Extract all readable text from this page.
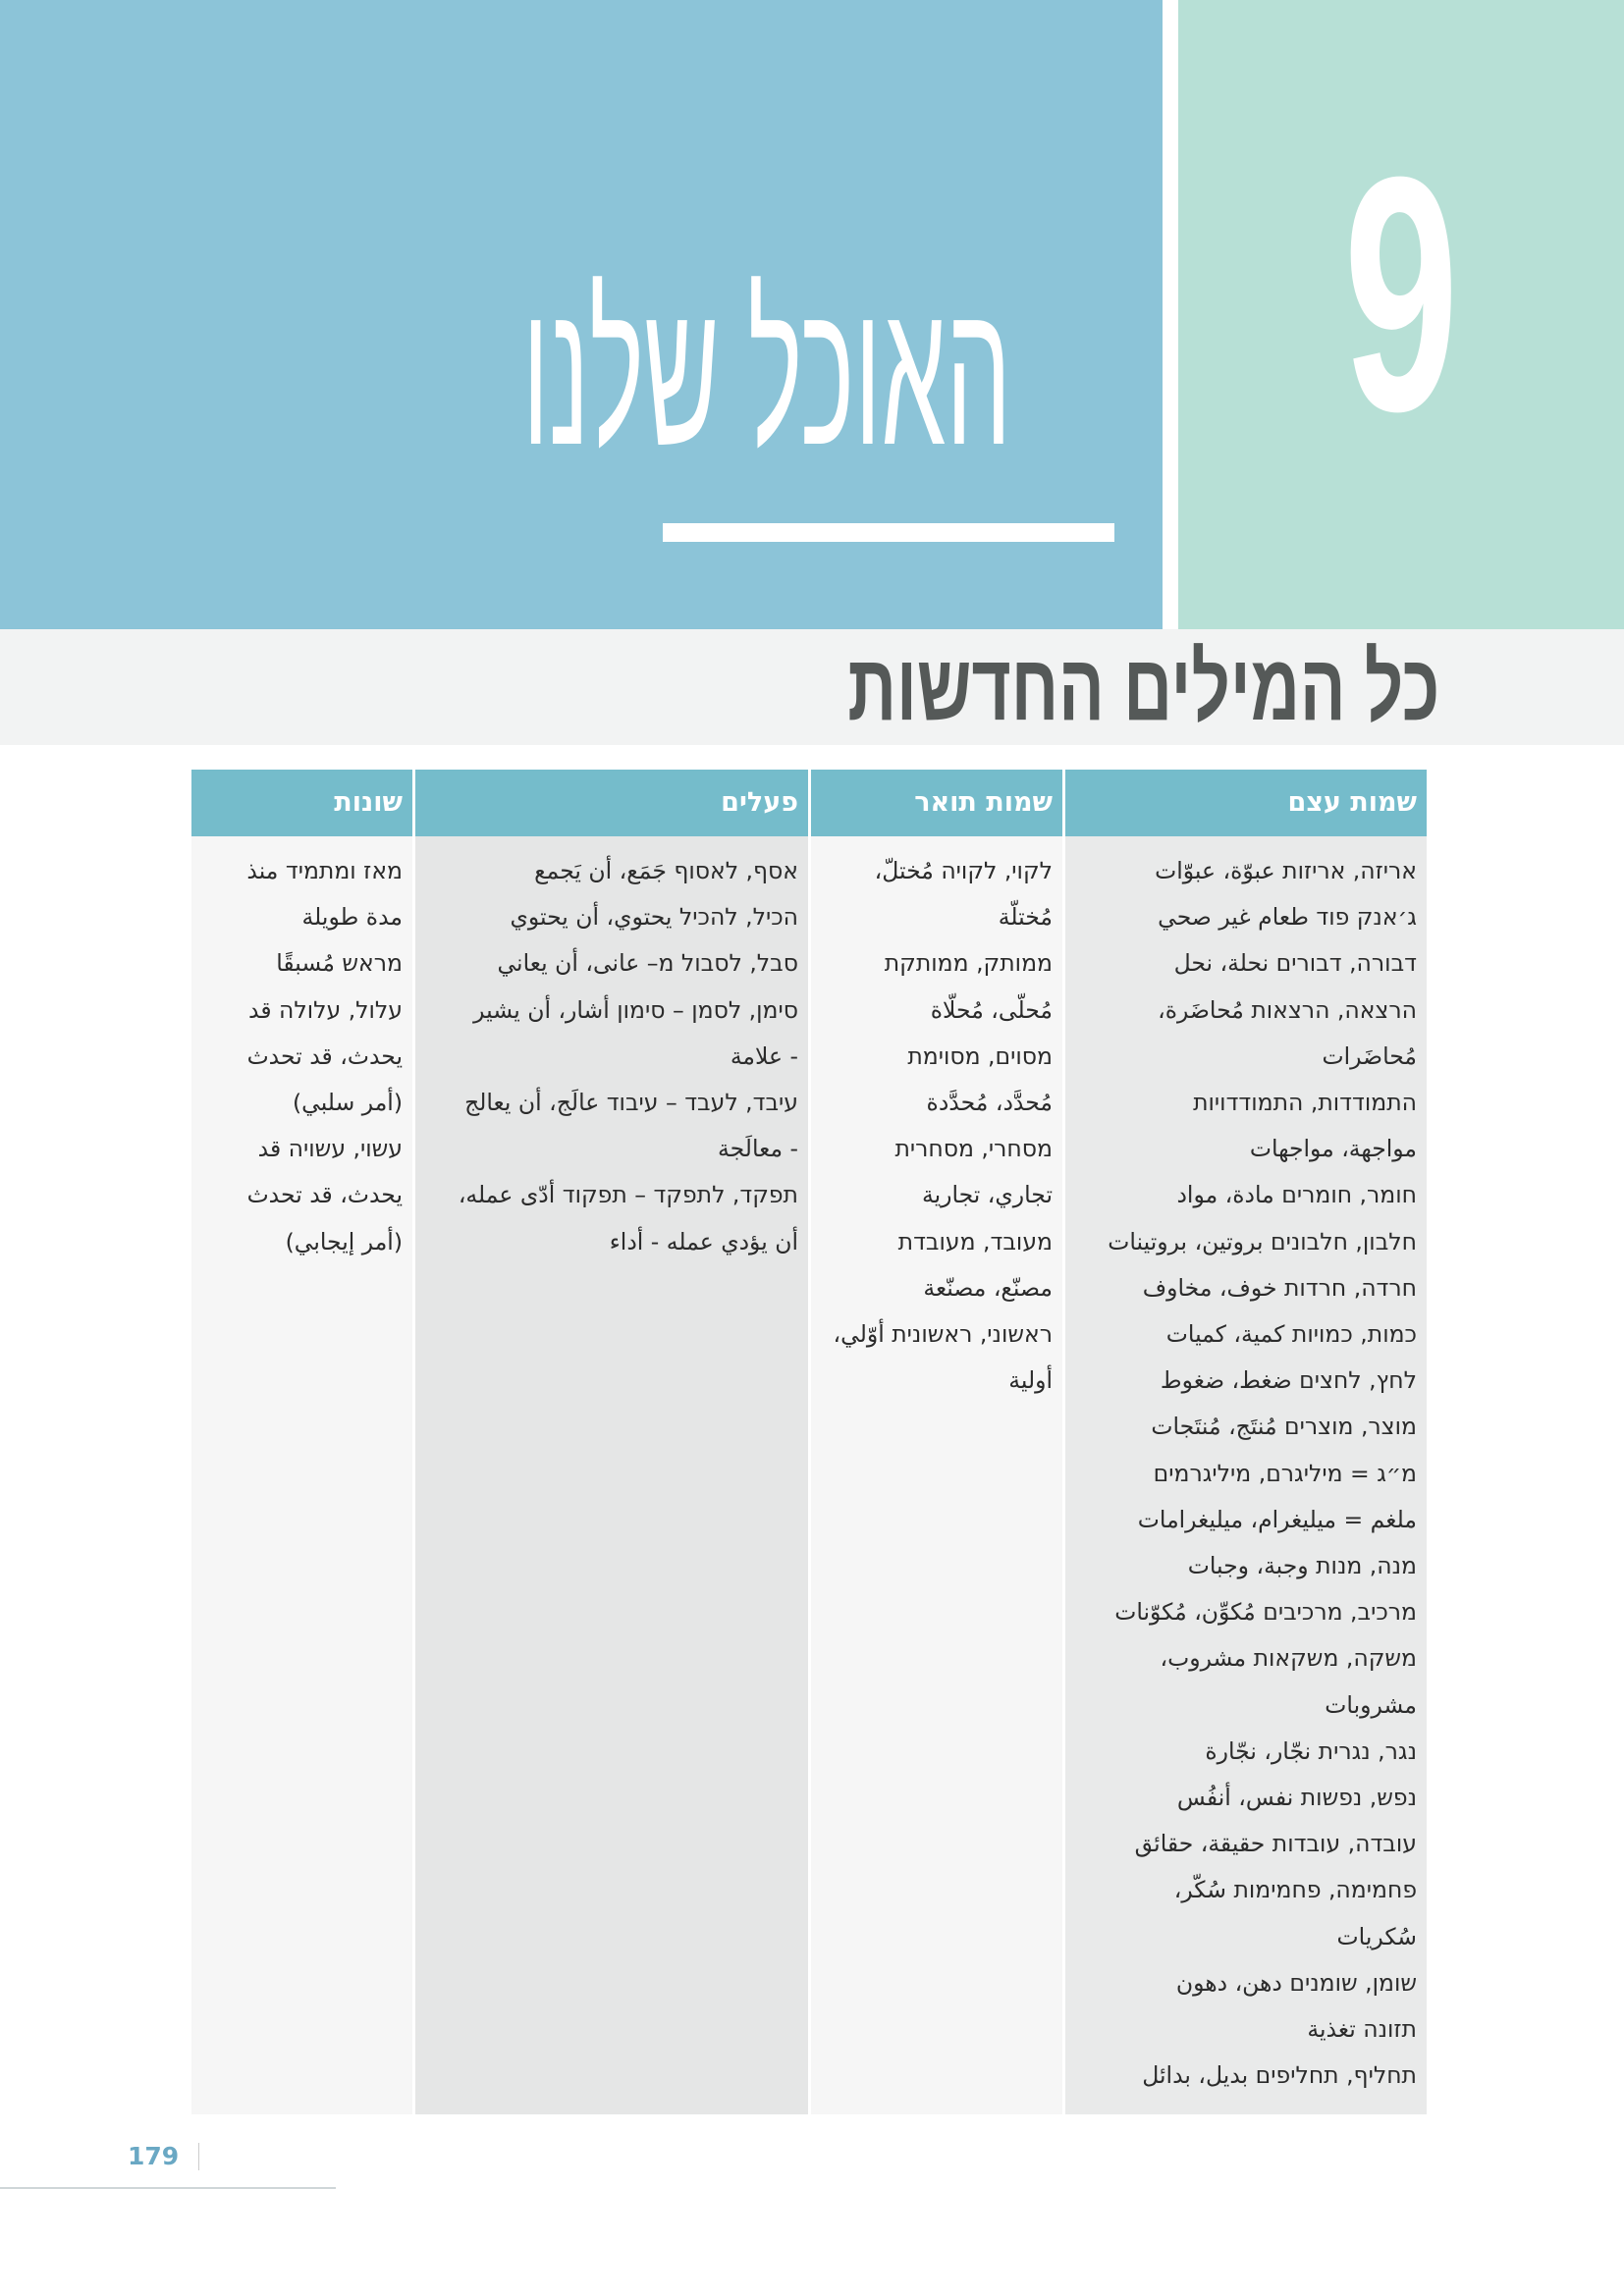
9
האוכל שלנו
כל המילים החדשות
שמות עצם
אריזה, אריזות عبوّة، عبوّات
ג׳אנק פוד طعام غير صحي
דבורה, דבורים نحلة، نحل
הרצאה, הרצאות مُحاضَرة،
مُحاضَرات
התמודדות, התמודדויות
مواجهة، مواجهات
חומר, חומרים مادة، مواد
חלבון, חלבונים بروتين، بروتينات
חרדה, חרדות خوف، مخاوف
כמות, כמויות كمية، كميات
לחץ, לחצים ضغط، ضغوط
מוצר, מוצרים مُنتَج، مُنتَجات
מ״ג = מיליגרם, מיליגרמים
ملغم = ميليغرام، ميليغرامات
מנה, מנות وجبة، وجبات
מרכיב, מרכיבים مُكوِّن، مُكوّنات
משקה, משקאות مشروب،
مشروبات
נגר, נגרית نجّار، نجّارة
נפש, נפשות نفس، أنفُس
עובדה, עובדות حقيقة، حقائق
פחמימה, פחמימות سُكّر،
سُكريات
שומן, שומנים دهن، دهون
תזונה تغذية
תחליף, תחליפים بديل، بدائل
שמות תואר
לקוי, לקויה مُختلّ،
مُختلّة
ממותק, ממותקת
مُحلّى، مُحلّاة
מסוים, מסוימת
مُحدَّد، مُحدَّدة
מסחרי, מסחרית
تجاري، تجارية
מעובד, מעובדת
مصنّع، مصنّعة
ראשוני, ראשונית أوّلي،
أولية
פעלים
אסף, לאסוף جَمَع، أن يَجمع
הכיל, להכיל يحتوي، أن يحتوي
סבל, לסבול מ– عانى، أن يعاني
סימן, לסמן – סימון أشار، أن يشير
- علامة
עיבד, לעבד – עיבוד عالَج، أن يعالج
- معالَجة
תפקד, לתפקד – תפקוד أدّى عمله،
أن يؤدي عمله - أداء
שונות
מאז ומתמיד منذ
مدة طويلة
מראש مُسبقًا
עלול, עלולה قد
يحدث، قد تحدث
(أمر سلبي)
עשוי, עשויה قد
يحدث، قد تحدث
(أمر إيجابي)
179
